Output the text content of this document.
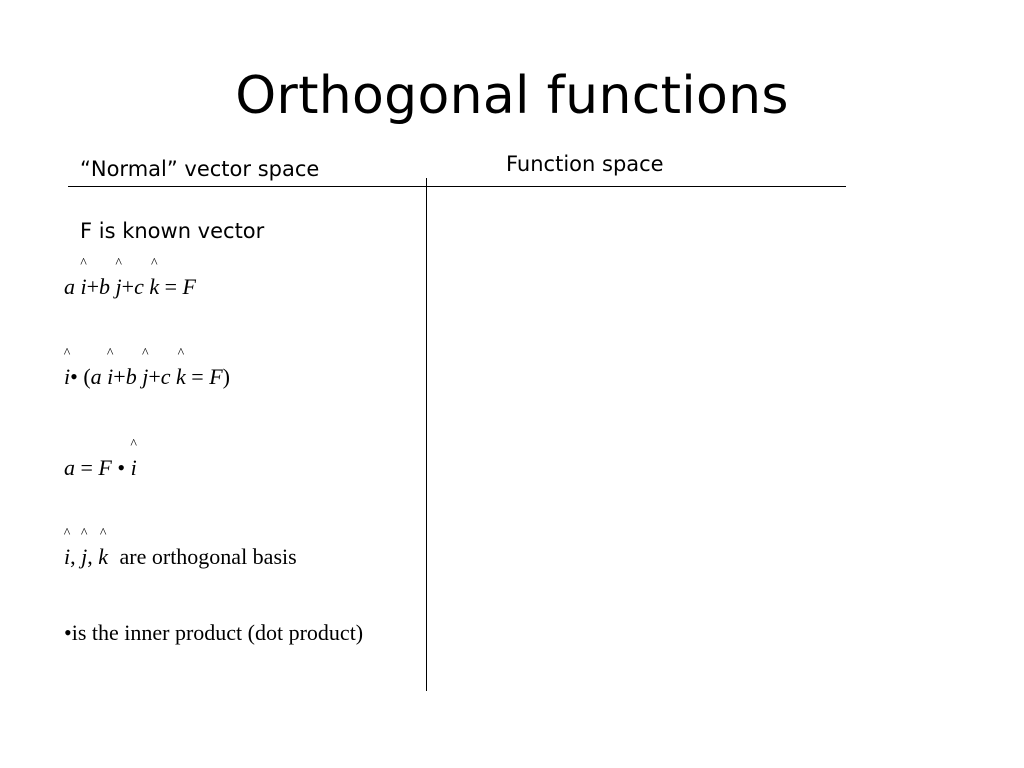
Orthogonal functions
“Normal” vector space	Function space
F is known vector
a ^ i+b ^ j+c ^ k = F
^ i• (a ^ i+b ^ j+c ^ k = F)
a = F • ^ i
^ i, ^ j, ^ k are orthogonal basis
•is the inner product (dot product)
